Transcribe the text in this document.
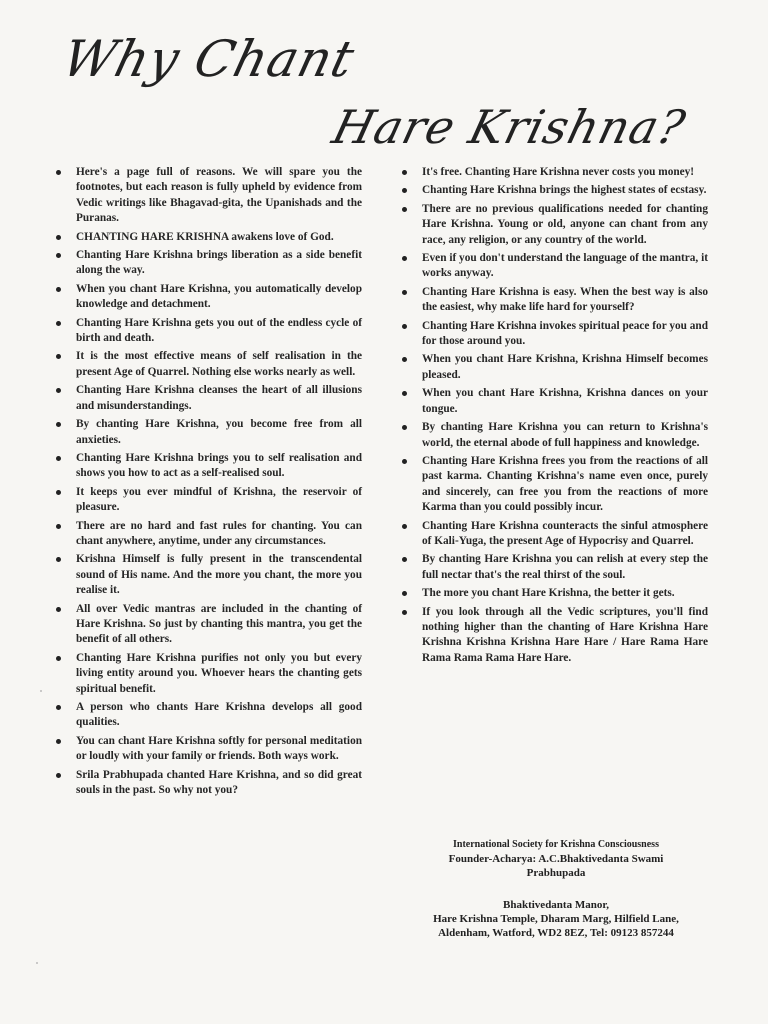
Why Chant
Hare Krishna?
Here's a page full of reasons. We will spare you the footnotes, but each reason is fully upheld by evidence from Vedic writings like Bhagavad-gita, the Upanishads and the Puranas.
CHANTING HARE KRISHNA awakens love of God.
Chanting Hare Krishna brings liberation as a side benefit along the way.
When you chant Hare Krishna, you automatically develop knowledge and detachment.
Chanting Hare Krishna gets you out of the endless cycle of birth and death.
It is the most effective means of self realisation in the present Age of Quarrel. Nothing else works nearly as well.
Chanting Hare Krishna cleanses the heart of all illusions and misunderstandings.
By chanting Hare Krishna, you become free from all anxieties.
Chanting Hare Krishna brings you to self realisation and shows you how to act as a self-realised soul.
It keeps you ever mindful of Krishna, the reservoir of pleasure.
There are no hard and fast rules for chanting. You can chant anywhere, anytime, under any circumstances.
Krishna Himself is fully present in the transcendental sound of His name. And the more you chant, the more you realise it.
All over Vedic mantras are included in the chanting of Hare Krishna. So just by chanting this mantra, you get the benefit of all others.
Chanting Hare Krishna purifies not only you but every living entity around you. Whoever hears the chanting gets spiritual benefit.
A person who chants Hare Krishna develops all good qualities.
You can chant Hare Krishna softly for personal meditation or loudly with your family or friends. Both ways work.
Srila Prabhupada chanted Hare Krishna, and so did great souls in the past. So why not you?
It's free. Chanting Hare Krishna never costs you money!
Chanting Hare Krishna brings the highest states of ecstasy.
There are no previous qualifications needed for chanting Hare Krishna. Young or old, anyone can chant from any race, any religion, or any country of the world.
Even if you don't understand the language of the mantra, it works anyway.
Chanting Hare Krishna is easy. When the best way is also the easiest, why make life hard for yourself?
Chanting Hare Krishna invokes spiritual peace for you and for those around you.
When you chant Hare Krishna, Krishna Himself becomes pleased.
When you chant Hare Krishna, Krishna dances on your tongue.
By chanting Hare Krishna you can return to Krishna's world, the eternal abode of full happiness and knowledge.
Chanting Hare Krishna frees you from the reactions of all past karma. Chanting Krishna's name even once, purely and sincerely, can free you from the reactions of more Karma than you could possibly incur.
Chanting Hare Krishna counteracts the sinful atmosphere of Kali-Yuga, the present Age of Hypocrisy and Quarrel.
By chanting Hare Krishna you can relish at every step the full nectar that's the real thirst of the soul.
The more you chant Hare Krishna, the better it gets.
If you look through all the Vedic scriptures, you'll find nothing higher than the chanting of Hare Krishna Hare Krishna Krishna Krishna Hare Hare / Hare Rama Hare Rama Rama Rama Hare Hare.
International Society for Krishna Consciousness
Founder-Acharya: A.C.Bhaktivedanta Swami
Prabhupada
Bhaktivedanta Manor,
Hare Krishna Temple, Dharam Marg, Hilfield Lane,
Aldenham, Watford, WD2 8EZ, Tel: 09123 857244
